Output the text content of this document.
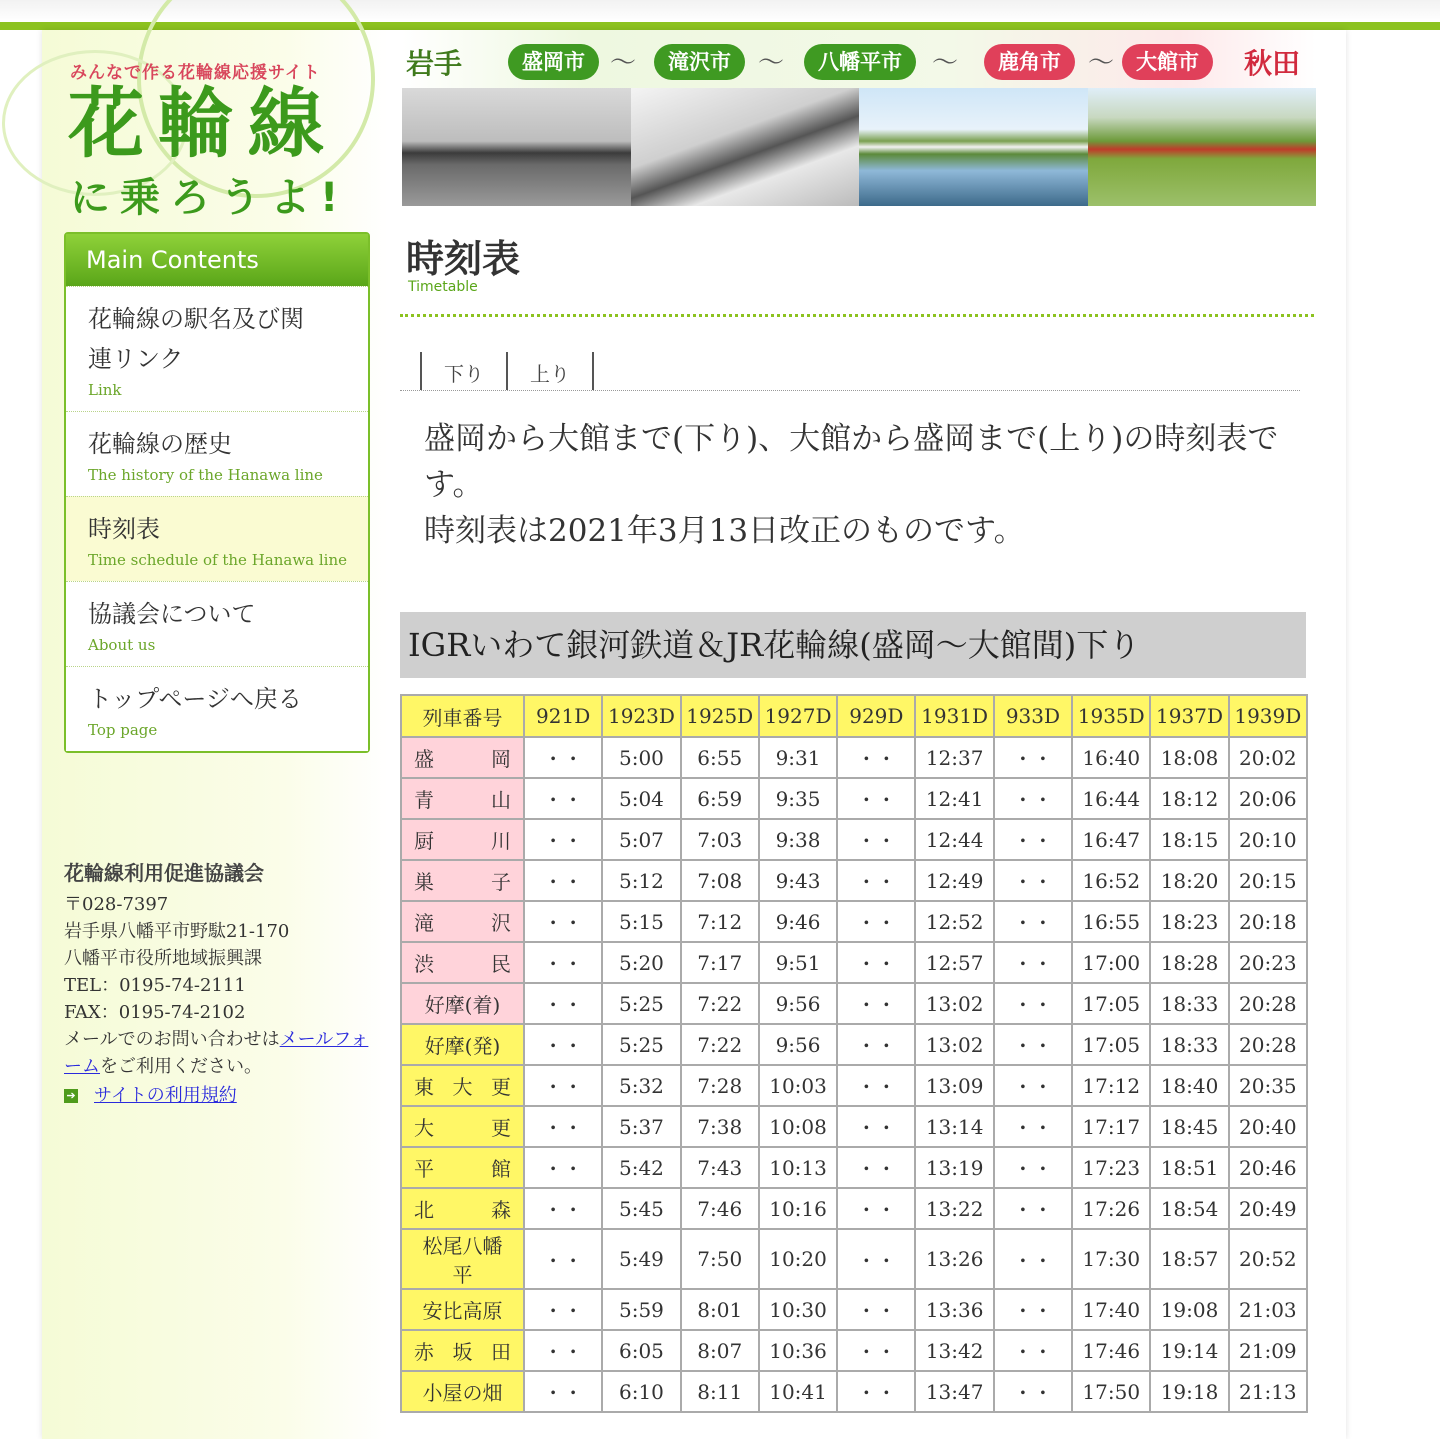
みんなで作る花輪線応援サイト
花輪線
に乗ろうよ!
Main Contents
花輪線の駅名及び関連リンク
Link
花輪線の歴史
The history of the Hanawa line
時刻表
Time schedule of the Hanawa line
協議会について
About us
トップページへ戻る
Top page
花輪線利用促進協議会
〒028-7397
岩手県八幡平市野駄21-170
八幡平市役所地域振興課
TEL：0195-74-2111
FAX：0195-74-2102
メールでのお問い合わせはメールフォームをご利用ください。
➔ サイトの利用規約
岩手	盛岡市 〜	滝沢市	〜	八幡平市	〜	鹿角市	〜	大館市	秋田
時刻表
Timetable
下り	上り
盛岡から大館まで(下り)、大館から盛岡まで(上り)の時刻表です。
時刻表は2021年3月13日改正のものです。
IGRいわて銀河鉄道＆JR花輪線(盛岡〜大館間)下り
列車番号	921D	1923D	1925D	1927D	929D	1931D	933D	1935D	1937D	1939D
盛岡	・・	5:00	6:55	9:31	・・	12:37	・・	16:40	18:08	20:02
青山	・・	5:04	6:59	9:35	・・	12:41	・・	16:44	18:12	20:06
厨川	・・	5:07	7:03	9:38	・・	12:44	・・	16:47	18:15	20:10
巣子	・・	5:12	7:08	9:43	・・	12:49	・・	16:52	18:20	20:15
滝沢	・・	5:15	7:12	9:46	・・	12:52	・・	16:55	18:23	20:18
渋民	・・	5:20	7:17	9:51	・・	12:57	・・	17:00	18:28	20:23
好摩(着)	・・	5:25	7:22	9:56	・・	13:02	・・	17:05	18:33	20:28
好摩(発)	・・	5:25	7:22	9:56	・・	13:02	・・	17:05	18:33	20:28
東大更	・・	5:32	7:28	10:03	・・	13:09	・・	17:12	18:40	20:35
大更	・・	5:37	7:38	10:08	・・	13:14	・・	17:17	18:45	20:40
平館	・・	5:42	7:43	10:13	・・	13:19	・・	17:23	18:51	20:46
北森	・・	5:45	7:46	10:16	・・	13:22	・・	17:26	18:54	20:49
松尾八幡平	・・	5:49	7:50	10:20	・・	13:26	・・	17:30	18:57	20:52
安比高原	・・	5:59	8:01	10:30	・・	13:36	・・	17:40	19:08	21:03
赤坂田	・・	6:05	8:07	10:36	・・	13:42	・・	17:46	19:14	21:09
小屋の畑	・・	6:10	8:11	10:41	・・	13:47	・・	17:50	19:18	21:13
